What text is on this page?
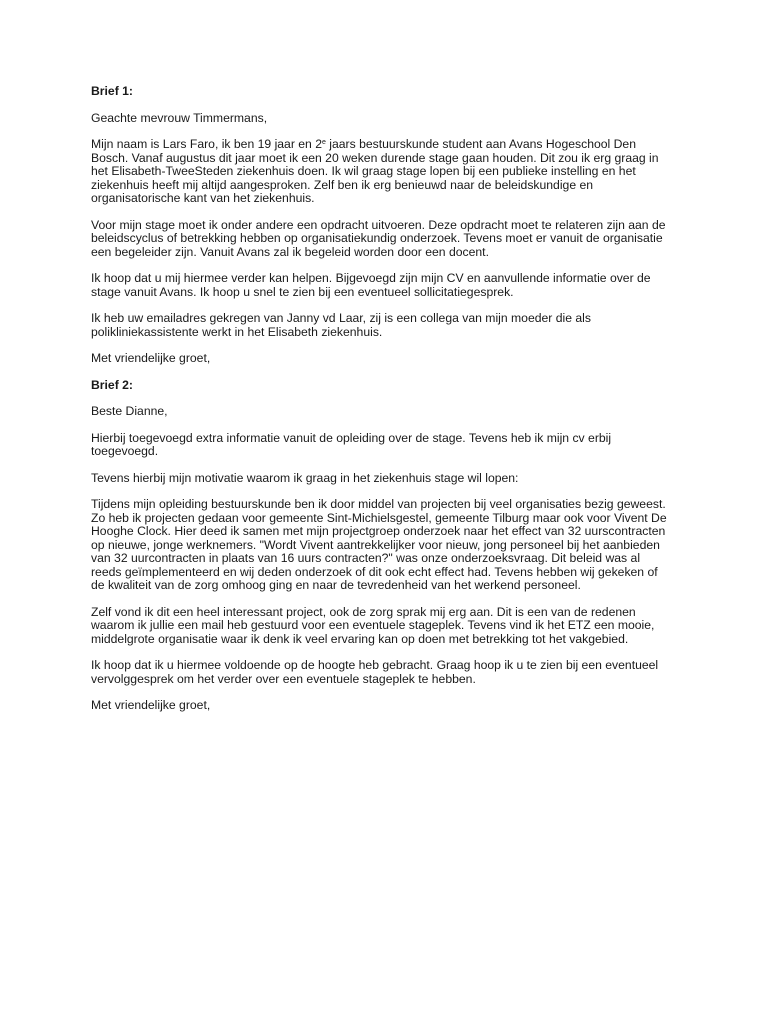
Brief 1:
Geachte mevrouw Timmermans,
Mijn naam is Lars Faro, ik ben 19 jaar en 2e jaars bestuurskunde student aan Avans Hogeschool Den
Bosch. Vanaf augustus dit jaar moet ik een 20 weken durende stage gaan houden. Dit zou ik erg graag in
het Elisabeth-TweeSteden ziekenhuis doen. Ik wil graag stage lopen bij een publieke instelling en het
ziekenhuis heeft mij altijd aangesproken. Zelf ben ik erg benieuwd naar de beleidskundige en
organisatorische kant van het ziekenhuis.
Voor mijn stage moet ik onder andere een opdracht uitvoeren. Deze opdracht moet te relateren zijn aan de
beleidscyclus of betrekking hebben op organisatiekundig onderzoek. Tevens moet er vanuit de organisatie
een begeleider zijn. Vanuit Avans zal ik begeleid worden door een docent.
Ik hoop dat u mij hiermee verder kan helpen. Bijgevoegd zijn mijn CV en aanvullende informatie over de
stage vanuit Avans. Ik hoop u snel te zien bij een eventueel sollicitatiegesprek.
Ik heb uw emailadres gekregen van Janny vd Laar, zij is een collega van mijn moeder die als
polikliniekassistente werkt in het Elisabeth ziekenhuis.
Met vriendelijke groet,
Brief 2:
Beste Dianne,
Hierbij toegevoegd extra informatie vanuit de opleiding over de stage. Tevens heb ik mijn cv erbij
toegevoegd.
Tevens hierbij mijn motivatie waarom ik graag in het ziekenhuis stage wil lopen:
Tijdens mijn opleiding bestuurskunde ben ik door middel van projecten bij veel organisaties bezig geweest.
Zo heb ik projecten gedaan voor gemeente Sint-Michielsgestel, gemeente Tilburg maar ook voor Vivent De
Hooghe Clock. Hier deed ik samen met mijn projectgroep onderzoek naar het effect van 32 uurscontracten
op nieuwe, jonge werknemers. "Wordt Vivent aantrekkelijker voor nieuw, jong personeel bij het aanbieden
van 32 uurcontracten in plaats van 16 uurs contracten?" was onze onderzoeksvraag. Dit beleid was al
reeds geïmplementeerd en wij deden onderzoek of dit ook echt effect had. Tevens hebben wij gekeken of
de kwaliteit van de zorg omhoog ging en naar de tevredenheid van het werkend personeel.
Zelf vond ik dit een heel interessant project, ook de zorg sprak mij erg aan. Dit is een van de redenen
waarom ik jullie een mail heb gestuurd voor een eventuele stageplek. Tevens vind ik het ETZ een mooie,
middelgrote organisatie waar ik denk ik veel ervaring kan op doen met betrekking tot het vakgebied.
Ik hoop dat ik u hiermee voldoende op de hoogte heb gebracht. Graag hoop ik u te zien bij een eventueel
vervolggesprek om het verder over een eventuele stageplek te hebben.
Met vriendelijke groet,
